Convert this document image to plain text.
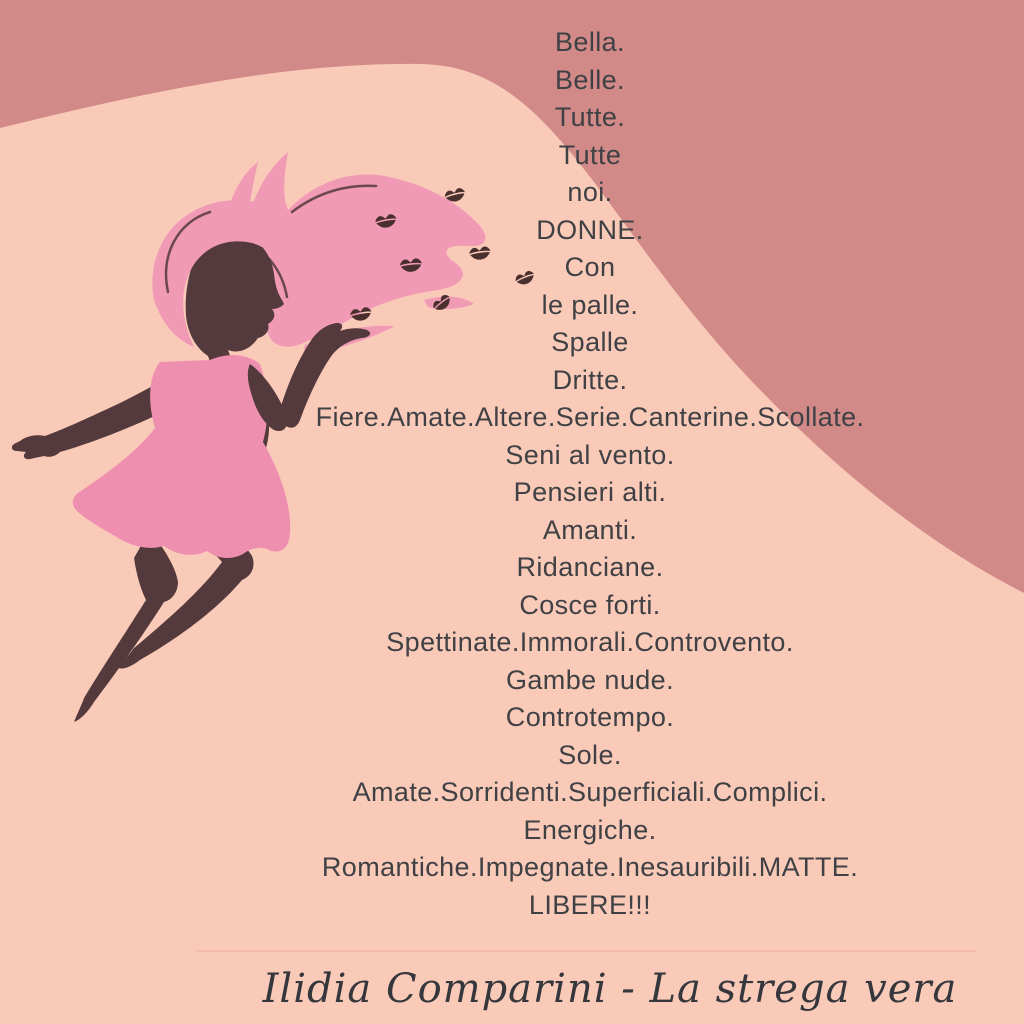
Bella.
Belle.
Tutte.
Tutte
noi.
DONNE.
Con
le palle.
Spalle
Dritte.
Fiere.Amate.Altere.Serie.Canterine.Scollate.
Seni al vento.
Pensieri alti.
Amanti.
Ridanciane.
Cosce forti.
Spettinate.Immorali.Controvento.
Gambe nude.
Controtempo.
Sole.
Amate.Sorridenti.Superficiali.Complici.
Energiche.
Romantiche.Impegnate.Inesauribili.MATTE.
LIBERE!!!
Ilidia Comparini - La strega vera
